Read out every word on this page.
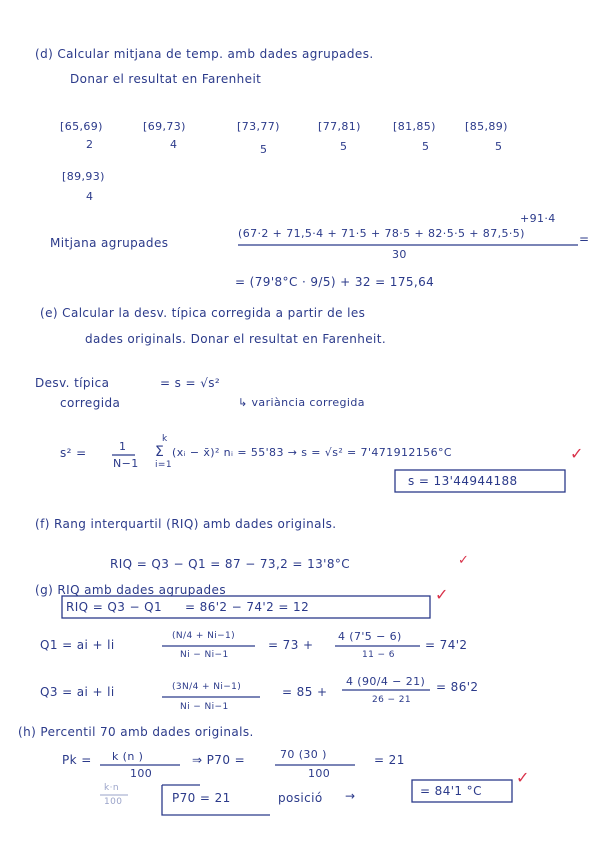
(d) Calcular mitjana de temp. amb dades agrupades.
Donar el resultat en Farenheit
[65,69)	[69,73)	[73,77)	[77,81)	[81,85)	[85,89)
2	4	5	5	5	5
[89,93)
4
+91·4
Mitjana agrupades
(67·2 + 71,5·4 + 71·5 + 78·5 + 82·5·5 + 87,5·5)	=
30
= (79'8°C · 9/5) + 32 = 175,64
(e) Calcular la desv. típica corregida a partir de les
dades originals. Donar el resultat en Farenheit.
Desv. típica
corregida
= s = √s²
↳ variància corregida
s² =	1
N−1
k
Σ
i=1
(xᵢ − x̄)² nᵢ = 55'83 → s = √s² = 7'471912156°C	✓
s = 13'44944188
(f) Rang interquartil (RIQ) amb dades originals.
RIQ = Q3 − Q1 = 87 − 73,2 = 13'8°C	✓
(g) RIQ amb dades agrupades
RIQ = Q3 − Q1 = 86'2 − 74'2 = 12
✓
Q1 = ai + li
(N/4 + Ni−1)
Ni − Ni−1
= 73 +
4 (7'5 − 6)
11 − 6
= 74'2
Q3 = ai + li	(3N/4 + Ni−1)
Ni − Ni−1
= 85 +
4 (90/4 − 21)
26 − 21
= 86'2
(h) Percentil 70 amb dades originals.
Pk = k (n )
100
⇒ P70 =	70 (30 )
100
= 21
k·n
100	P70 = 21	posició →	= 84'1 °C
✓
